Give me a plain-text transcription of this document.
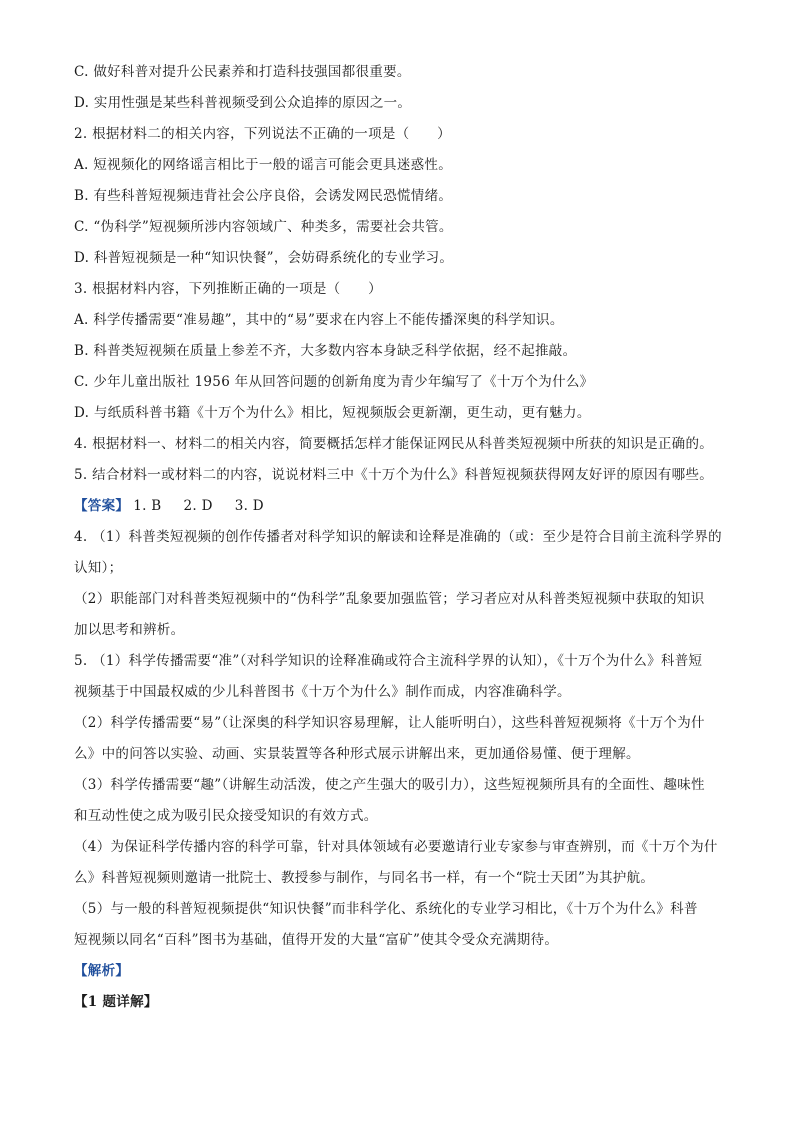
C. 做好科普对提升公民素养和打造科技强国都很重要。
D. 实用性强是某些科普视频受到公众追捧的原因之一。
2. 根据材料二的相关内容，下列说法不正确的一项是（　　）
A. 短视频化的网络谣言相比于一般的谣言可能会更具迷惑性。
B. 有些科普短视频违背社会公序良俗，会诱发网民恐慌情绪。
C. “伪科学”短视频所涉内容领域广、种类多，需要社会共管。
D. 科普短视频是一种“知识快餐”，会妨碍系统化的专业学习。
3. 根据材料内容，下列推断正确的一项是（　　）
A. 科学传播需要“准易趣”，其中的“易”要求在内容上不能传播深奥的科学知识。
B. 科普类短视频在质量上参差不齐，大多数内容本身缺乏科学依据，经不起推敲。
C. 少年儿童出版社 1956 年从回答问题的创新角度为青少年编写了《十万个为什么》
D. 与纸质科普书籍《十万个为什么》相比，短视频版会更新潮，更生动，更有魅力。
4. 根据材料一、材料二的相关内容，简要概括怎样才能保证网民从科普类短视频中所获的知识是正确的。
5. 结合材料一或材料二的内容，说说材料三中《十万个为什么》科普短视频获得网友好评的原因有哪些。
【答案】 1. B 2. D 3. D
4. （1）科普类短视频的创作传播者对科学知识的解读和诠释是准确的（或：至少是符合目前主流科学界的
认知）；
（2）职能部门对科普类短视频中的“伪科学”乱象要加强监管；学习者应对从科普类短视频中获取的知识
加以思考和辨析。
5. （1）科学传播需要“准”（对科学知识的诠释准确或符合主流科学界的认知），《十万个为什么》科普短
视频基于中国最权威的少儿科普图书《十万个为什么》制作而成，内容准确科学。
（2）科学传播需要“易”（让深奥的科学知识容易理解，让人能听明白），这些科普短视频将《十万个为什
么》中的问答以实验、动画、实景装置等各种形式展示讲解出来，更加通俗易懂、便于理解。
（3）科学传播需要“趣”（讲解生动活泼，使之产生强大的吸引力），这些短视频所具有的全面性、趣味性
和互动性使之成为吸引民众接受知识的有效方式。
（4）为保证科学传播内容的科学可靠，针对具体领域有必要邀请行业专家参与审查辨别，而《十万个为什
么》科普短视频则邀请一批院士、教授参与制作，与同名书一样，有一个“院士天团”为其护航。
（5）与一般的科普短视频提供“知识快餐”而非科学化、系统化的专业学习相比，《十万个为什么》科普
短视频以同名“百科”图书为基础，值得开发的大量“富矿”使其令受众充满期待。
【解析】
【1 题详解】
